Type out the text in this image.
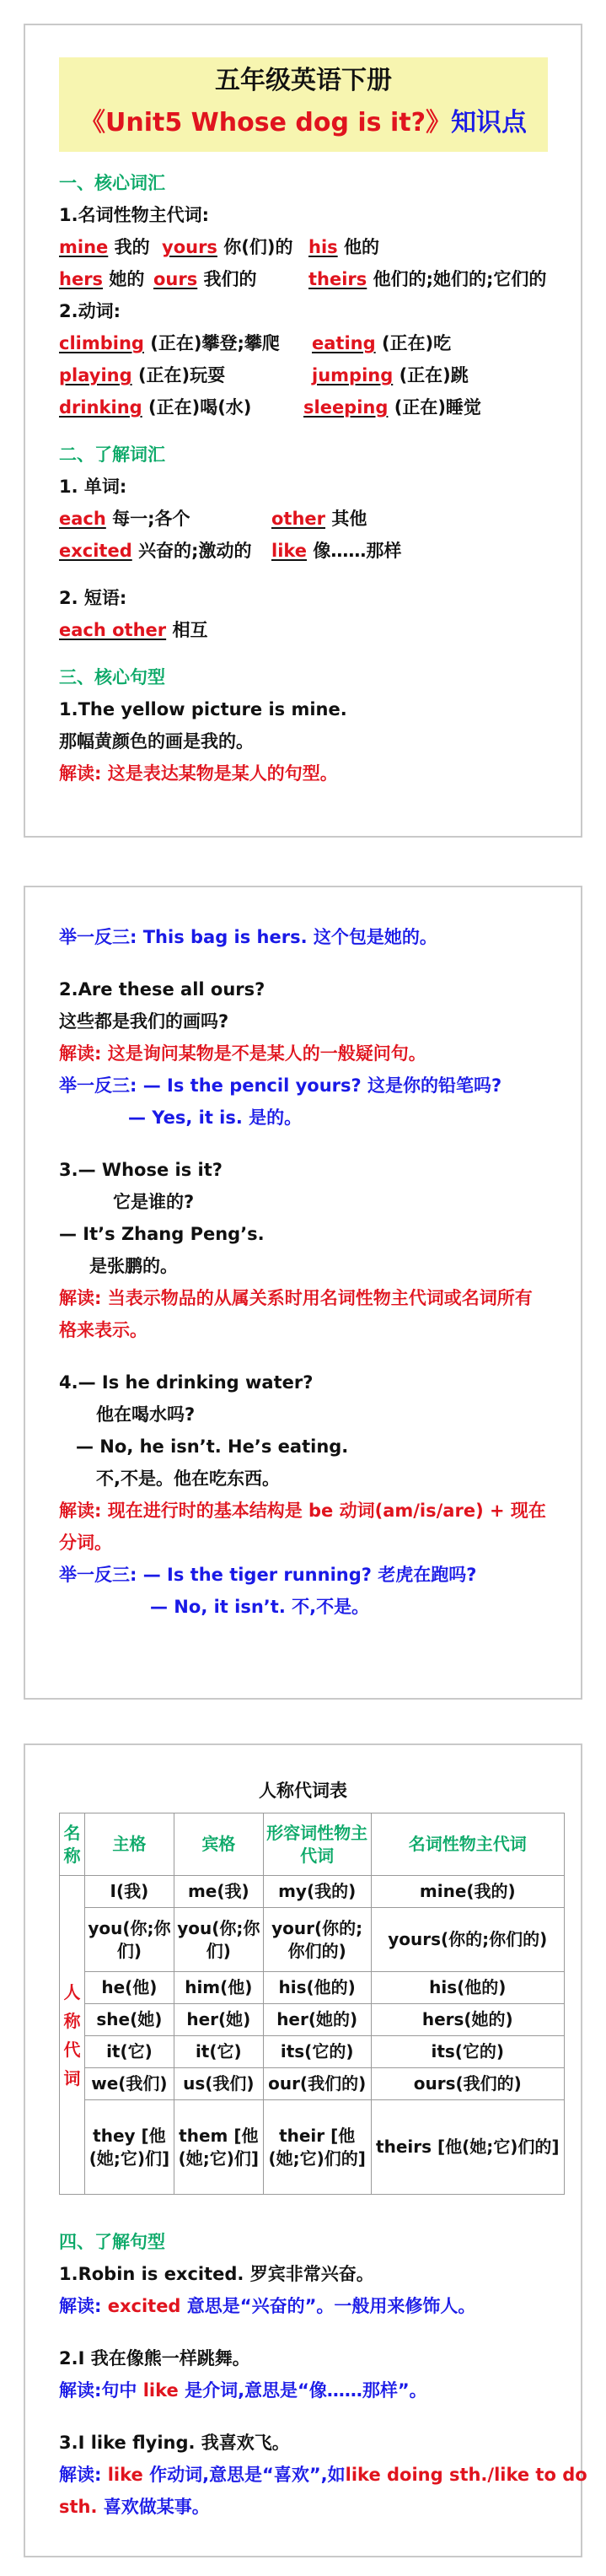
五年级英语下册
《Unit5 Whose dog is it?》知识点
一、核心词汇
1.名词性物主代词:
mine 我的 yours 你(们)的 his 他的
hers 她的 ours 我们的	theirs 他们的;她们的;它们的
2.动词:
climbing (正在)攀登;攀爬 eating (正在)吃
playing (正在)玩耍	jumping (正在)跳
drinking (正在)喝(水)	sleeping (正在)睡觉
二、了解词汇
1. 单词:
each 每一;各个	other 其他
excited 兴奋的;激动的 like 像……那样
2. 短语:
each other 相互
三、核心句型
1.The yellow picture is mine.
那幅黄颜色的画是我的。
解读: 这是表达某物是某人的句型。
举一反三: This bag is hers. 这个包是她的。
2.Are these all ours?
这些都是我们的画吗?
解读: 这是询问某物是不是某人的一般疑问句。
举一反三: — Is the pencil yours? 这是你的铅笔吗?
— Yes, it is. 是的。
3.— Whose is it?
它是谁的?
— It’s Zhang Peng’s.
是张鹏的。
解读: 当表示物品的从属关系时用名词性物主代词或名词所有
格来表示。
4.— Is he drinking water?
他在喝水吗?
— No, he isn’t. He’s eating.
不,不是。他在吃东西。
解读: 现在进行时的基本结构是 be 动词(am/is/are) + 现在
分词。
举一反三: — Is the tiger running? 老虎在跑吗?
— No, it isn’t. 不,不是。
人称代词表
名称	主格	宾格	形容词性物主代词	名词性物主代词
人
称
代
词	I(我)	me(我)	my(我的)	mine(我的)
	you(你;你们)	you(你;你们)	your(你的;你们的)	yours(你的;你们的)
	he(他)	him(他)	his(他的)	his(他的)
	she(她)	her(她)	her(她的)	hers(她的)
	it(它)	it(它)	its(它的)	its(它的)
	we(我们)	us(我们)	our(我们的)	ours(我们的)
	they [他(她;它)们]	them [他(她;它)们]	their [他(她;它)们的]	theirs [他(她;它)们的]
四、了解句型
1.Robin is excited. 罗宾非常兴奋。
解读: excited 意思是“兴奋的”。一般用来修饰人。
2.I 我在像熊一样跳舞。
解读:句中 like 是介词,意思是“像……那样”。
3.I like flying. 我喜欢飞。
解读: like 作动词,意思是“喜欢”,如like doing sth./like to do
sth. 喜欢做某事。
